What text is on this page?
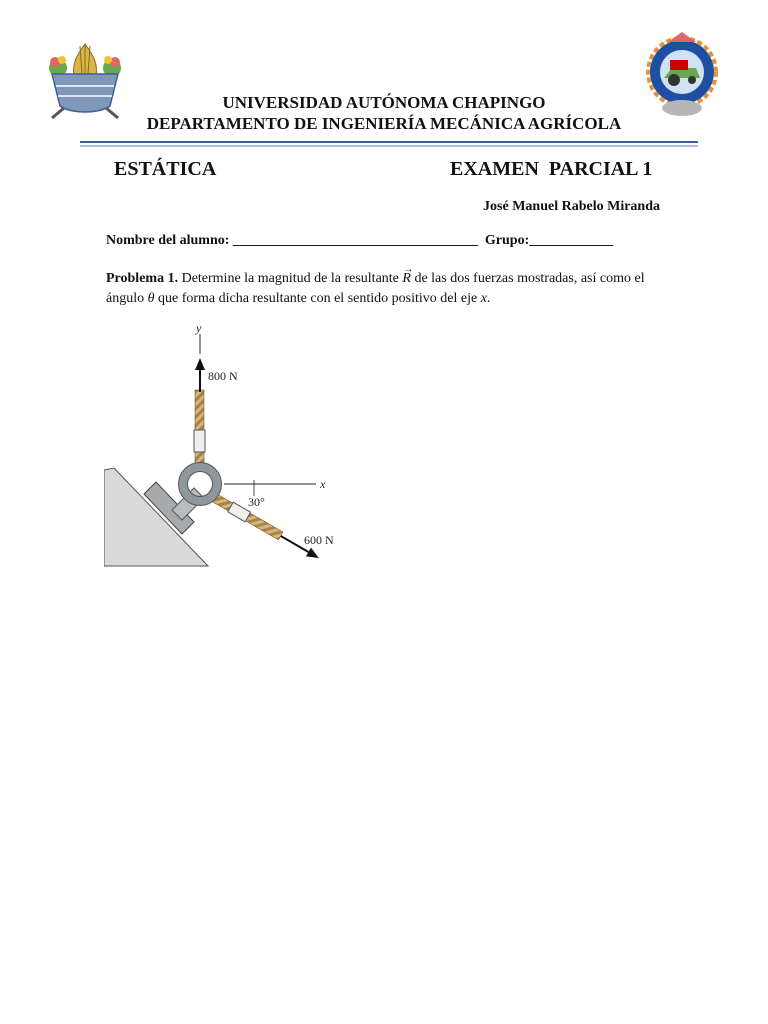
UNIVERSIDAD AUTÓNOMA CHAPINGO
DEPARTAMENTO DE INGENIERÍA MECÁNICA AGRÍCOLA
ESTÁTICA	EXAMEN  PARCIAL 1
José Manuel Rabelo Miranda
Nombre del alumno: ___________________________________ Grupo:____________
Problema 1. Determine la magnitud de la resultante → R de las dos fuerzas mostradas, así como el ángulo θ que forma dicha resultante con el sentido positivo del eje x.
y
x
800 N
30°
600 N
